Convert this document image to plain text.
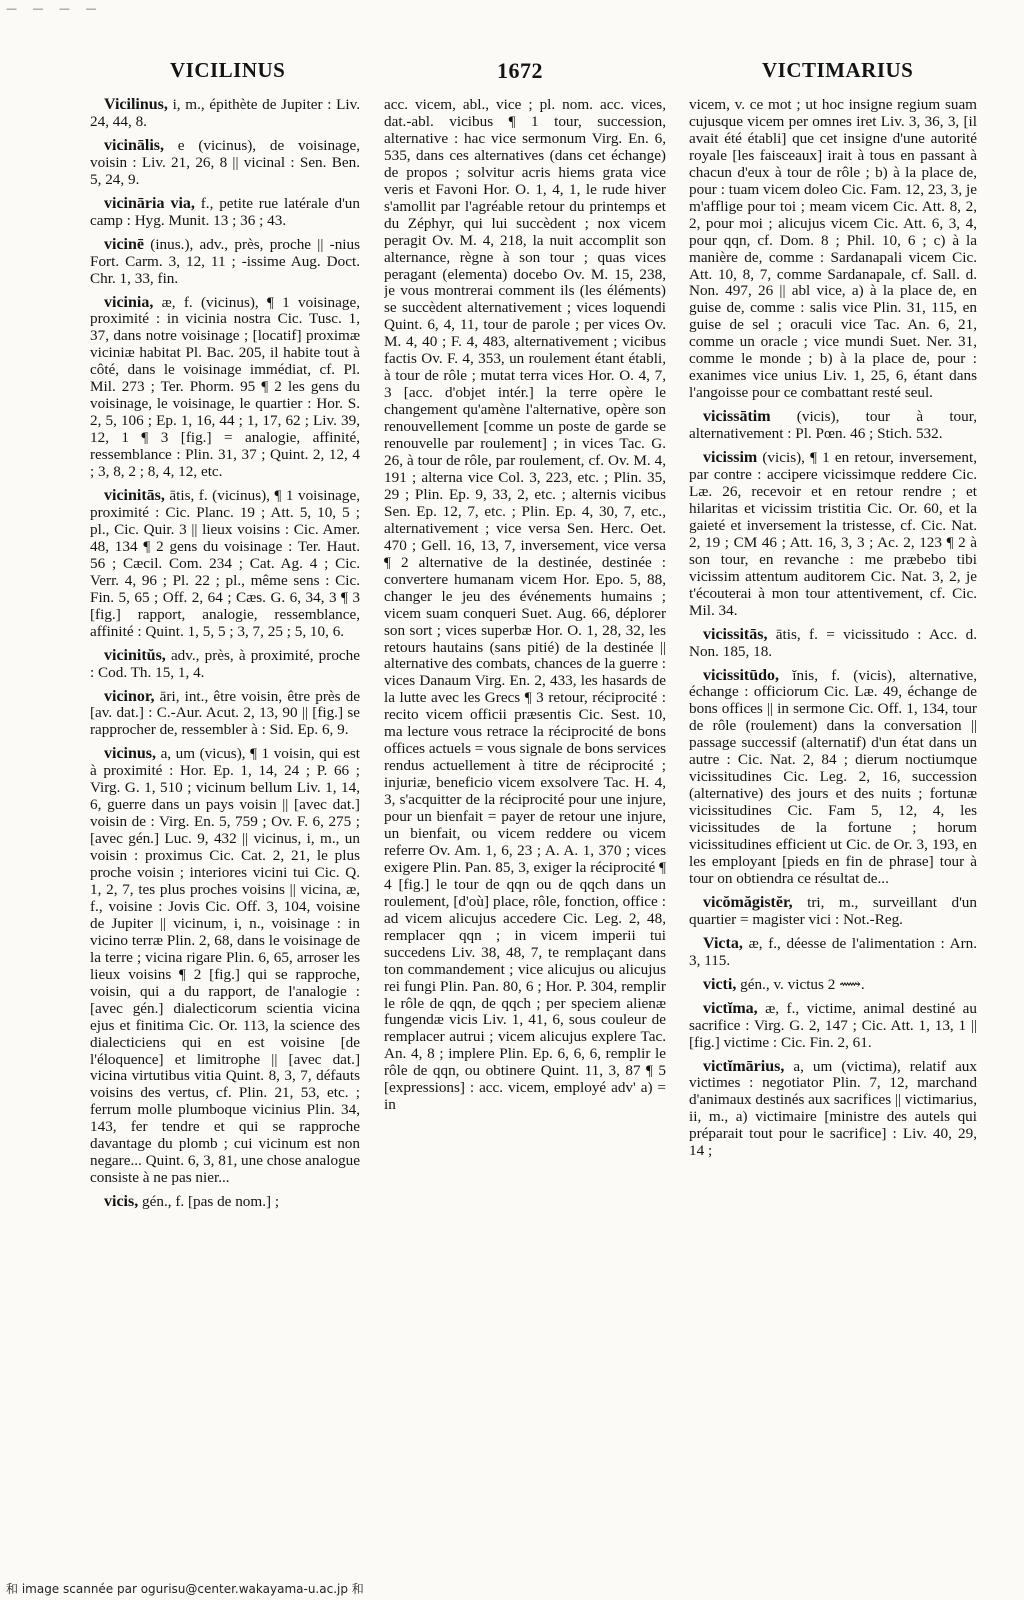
— — — —
VICILINUS	1672	VICTIMARIUS

Vicilinus, i, m., épithète de Jupiter : Liv. 24, 44, 8.

vicinālis, e (vicinus), de voisinage, voisin : Liv. 21, 26, 8 || vicinal : Sen. Ben. 5, 24, 9.

vicināria via, f., petite rue latérale d'un camp : Hyg. Munit. 13 ; 36 ; 43.

vicinē (inus.), adv., près, proche || -nius Fort. Carm. 3, 12, 11 ; -issime Aug. Doct. Chr. 1, 33, fin.

vicinia, æ, f. (vicinus), ¶ 1 voisinage, proximité : in vicinia nostra Cic. Tusc. 1, 37, dans notre voisinage ; [locatif] proximæ viciniæ habitat Pl. Bac. 205, il habite tout à côté, dans le voisinage immédiat, cf. Pl. Mil. 273 ; Ter. Phorm. 95 ¶ 2 les gens du voisinage, le voisinage, le quartier : Hor. S. 2, 5, 106 ; Ep. 1, 16, 44 ; 1, 17, 62 ; Liv. 39, 12, 1 ¶ 3 [fig.] = analogie, affinité, ressemblance : Plin. 31, 37 ; Quint. 2, 12, 4 ; 3, 8, 2 ; 8, 4, 12, etc.

vicinitās, ātis, f. (vicinus), ¶ 1 voisinage, proximité : Cic. Planc. 19 ; Att. 5, 10, 5 ; pl., Cic. Quir. 3 || lieux voisins : Cic. Amer. 48, 134 ¶ 2 gens du voisinage : Ter. Haut. 56 ; Cæcil. Com. 234 ; Cat. Ag. 4 ; Cic. Verr. 4, 96 ; Pl. 22 ; pl., même sens : Cic. Fin. 5, 65 ; Off. 2, 64 ; Cæs. G. 6, 34, 3 ¶ 3 [fig.] rapport, analogie, ressemblance, affinité : Quint. 1, 5, 5 ; 3, 7, 25 ; 5, 10, 6.

vicinitŭs, adv., près, à proximité, proche : Cod. Th. 15, 1, 4.

vicinor, āri, int., être voisin, être près de [av. dat.] : C.-Aur. Acut. 2, 13, 90 || [fig.] se rapprocher de, ressembler à : Sid. Ep. 6, 9.

vicinus, a, um (vicus), ¶ 1 voisin, qui est à proximité : Hor. Ep. 1, 14, 24 ; P. 66 ; Virg. G. 1, 510 ; vicinum bellum Liv. 1, 14, 6, guerre dans un pays voisin || [avec dat.] voisin de : Virg. En. 5, 759 ; Ov. F. 6, 275 ; [avec gén.] Luc. 9, 432 || vicinus, i, m., un voisin : proximus Cic. Cat. 2, 21, le plus proche voisin ; interiores vicini tui Cic. Q. 1, 2, 7, tes plus proches voisins || vicina, æ, f., voisine : Jovis Cic. Off. 3, 104, voisine de Jupiter || vicinum, i, n., voisinage : in vicino terræ Plin. 2, 68, dans le voisinage de la terre ; vicina rigare Plin. 6, 65, arroser les lieux voisins ¶ 2 [fig.] qui se rapproche, voisin, qui a du rapport, de l'analogie : [avec gén.] dialecticorum scientia vicina ejus et finitima Cic. Or. 113, la science des dialecticiens qui en est voisine [de l'éloquence] et limitrophe || [avec dat.] vicina virtutibus vitia Quint. 8, 3, 7, défauts voisins des vertus, cf. Plin. 21, 53, etc. ; ferrum molle plumboque vicinius Plin. 34, 143, fer tendre et qui se rapproche davantage du plomb ; cui vicinum est non negare... Quint. 6, 3, 81, une chose analogue consiste à ne pas nier...

vicis, gén., f. [pas de nom.] ;

acc. vicem, abl., vice ; pl. nom. acc. vices, dat.-abl. vicibus ¶ 1 tour, succession, alternative : hac vice sermonum Virg. En. 6, 535, dans ces alternatives (dans cet échange) de propos ; solvitur acris hiems grata vice veris et Favoni Hor. O. 1, 4, 1, le rude hiver s'amollit par l'agréable retour du printemps et du Zéphyr, qui lui succèdent ; nox vicem peragit Ov. M. 4, 218, la nuit accomplit son alternance, règne à son tour ; quas vices peragant (elementa) docebo Ov. M. 15, 238, je vous montrerai comment ils (les éléments) se succèdent alternativement ; vices loquendi Quint. 6, 4, 11, tour de parole ; per vices Ov. M. 4, 40 ; F. 4, 483, alternativement ; vicibus factis Ov. F. 4, 353, un roulement étant établi, à tour de rôle ; mutat terra vices Hor. O. 4, 7, 3 [acc. d'objet intér.] la terre opère le changement qu'amène l'alternative, opère son renouvellement [comme un poste de garde se renouvelle par roulement] ; in vices Tac. G. 26, à tour de rôle, par roulement, cf. Ov. M. 4, 191 ; alterna vice Col. 3, 223, etc. ; Plin. 35, 29 ; Plin. Ep. 9, 33, 2, etc. ; alternis vicibus Sen. Ep. 12, 7, etc. ; Plin. Ep. 4, 30, 7, etc., alternativement ; vice versa Sen. Herc. Oet. 470 ; Gell. 16, 13, 7, inversement, vice versa ¶ 2 alternative de la destinée, destinée : convertere humanam vicem Hor. Epo. 5, 88, changer le jeu des événements humains ; vicem suam conqueri Suet. Aug. 66, déplorer son sort ; vices superbæ Hor. O. 1, 28, 32, les retours hautains (sans pitié) de la destinée || alternative des combats, chances de la guerre : vices Danaum Virg. En. 2, 433, les hasards de la lutte avec les Grecs ¶ 3 retour, réciprocité : recito vicem officii præsentis Cic. Sest. 10, ma lecture vous retrace la réciprocité de bons offices actuels = vous signale de bons services rendus actuellement à titre de réciprocité ; injuriæ, beneficio vicem exsolvere Tac. H. 4, 3, s'acquitter de la réciprocité pour une injure, pour un bienfait = payer de retour une injure, un bienfait, ou vicem reddere ou vicem referre Ov. Am. 1, 6, 23 ; A. A. 1, 370 ; vices exigere Plin. Pan. 85, 3, exiger la réciprocité ¶ 4 [fig.] le tour de qqn ou de qqch dans un roulement, [d'où] place, rôle, fonction, office : ad vicem alicujus accedere Cic. Leg. 2, 48, remplacer qqn ; in vicem imperii tui succedens Liv. 38, 48, 7, te remplaçant dans ton commandement ; vice alicujus ou alicujus rei fungi Plin. Pan. 80, 6 ; Hor. P. 304, remplir le rôle de qqn, de qqch ; per speciem alienæ fungendæ vicis Liv. 1, 41, 6, sous couleur de remplacer autrui ; vicem alicujus explere Tac. An. 4, 8 ; implere Plin. Ep. 6, 6, 6, remplir le rôle de qqn, ou obtinere Quint. 11, 3, 87 ¶ 5 [expressions] : acc. vicem, employé adv' a) = in

vicem, v. ce mot ; ut hoc insigne regium suam cujusque vicem per omnes iret Liv. 3, 36, 3, [il avait été établi] que cet insigne d'une autorité royale [les faisceaux] irait à tous en passant à chacun d'eux à tour de rôle ; b) à la place de, pour : tuam vicem doleo Cic. Fam. 12, 23, 3, je m'afflige pour toi ; meam vicem Cic. Att. 8, 2, 2, pour moi ; alicujus vicem Cic. Att. 6, 3, 4, pour qqn, cf. Dom. 8 ; Phil. 10, 6 ; c) à la manière de, comme : Sardanapali vicem Cic. Att. 10, 8, 7, comme Sardanapale, cf. Sall. d. Non. 497, 26 || abl vice, a) à la place de, en guise de, comme : salis vice Plin. 31, 115, en guise de sel ; oraculi vice Tac. An. 6, 21, comme un oracle ; vice mundi Suet. Ner. 31, comme le monde ; b) à la place de, pour : exanimes vice unius Liv. 1, 25, 6, étant dans l'angoisse pour ce combattant resté seul.

vicissātim (vicis), tour à tour, alternativement : Pl. Pœn. 46 ; Stich. 532.

vicissim (vicis), ¶ 1 en retour, inversement, par contre : accipere vicissimque reddere Cic. Læ. 26, recevoir et en retour rendre ; et hilaritas et vicissim tristitia Cic. Or. 60, et la gaieté et inversement la tristesse, cf. Cic. Nat. 2, 19 ; CM 46 ; Att. 16, 3, 3 ; Ac. 2, 123 ¶ 2 à son tour, en revanche : me præbebo tibi vicissim attentum auditorem Cic. Nat. 3, 2, je t'écouterai à mon tour attentivement, cf. Cic. Mil. 34.

vicissitās, ātis, f. = vicissitudo : Acc. d. Non. 185, 18.

vicissitūdo, ĭnis, f. (vicis), alternative, échange : officiorum Cic. Læ. 49, échange de bons offices || in sermone Cic. Off. 1, 134, tour de rôle (roulement) dans la conversation || passage successif (alternatif) d'un état dans un autre : Cic. Nat. 2, 84 ; dierum noctiumque vicissitudines Cic. Leg. 2, 16, succession (alternative) des jours et des nuits ; fortunæ vicissitudines Cic. Fam 5, 12, 4, les vicissitudes de la fortune ; horum vicissitudines efficient ut Cic. de Or. 3, 193, en les employant [pieds en fin de phrase] tour à tour on obtiendra ce résultat de...

vicŏmăgistĕr, tri, m., surveillant d'un quartier = magister vici : Not.-Reg.

Victa, æ, f., déesse de l'alimentation : Arn. 3, 115.

victi, gén., v. victus 2 ⟿.

victĭma, æ, f., victime, animal destiné au sacrifice : Virg. G. 2, 147 ; Cic. Att. 1, 13, 1 || [fig.] victime : Cic. Fin. 2, 61.

victĭmārius, a, um (victima), relatif aux victimes : negotiator Plin. 7, 12, marchand d'animaux destinés aux sacrifices || victimarius, ii, m., a) victimaire [ministre des autels qui préparait tout pour le sacrifice] : Liv. 40, 29, 14 ;

和 image scannée par ogurisu@center.wakayama-u.ac.jp 和
